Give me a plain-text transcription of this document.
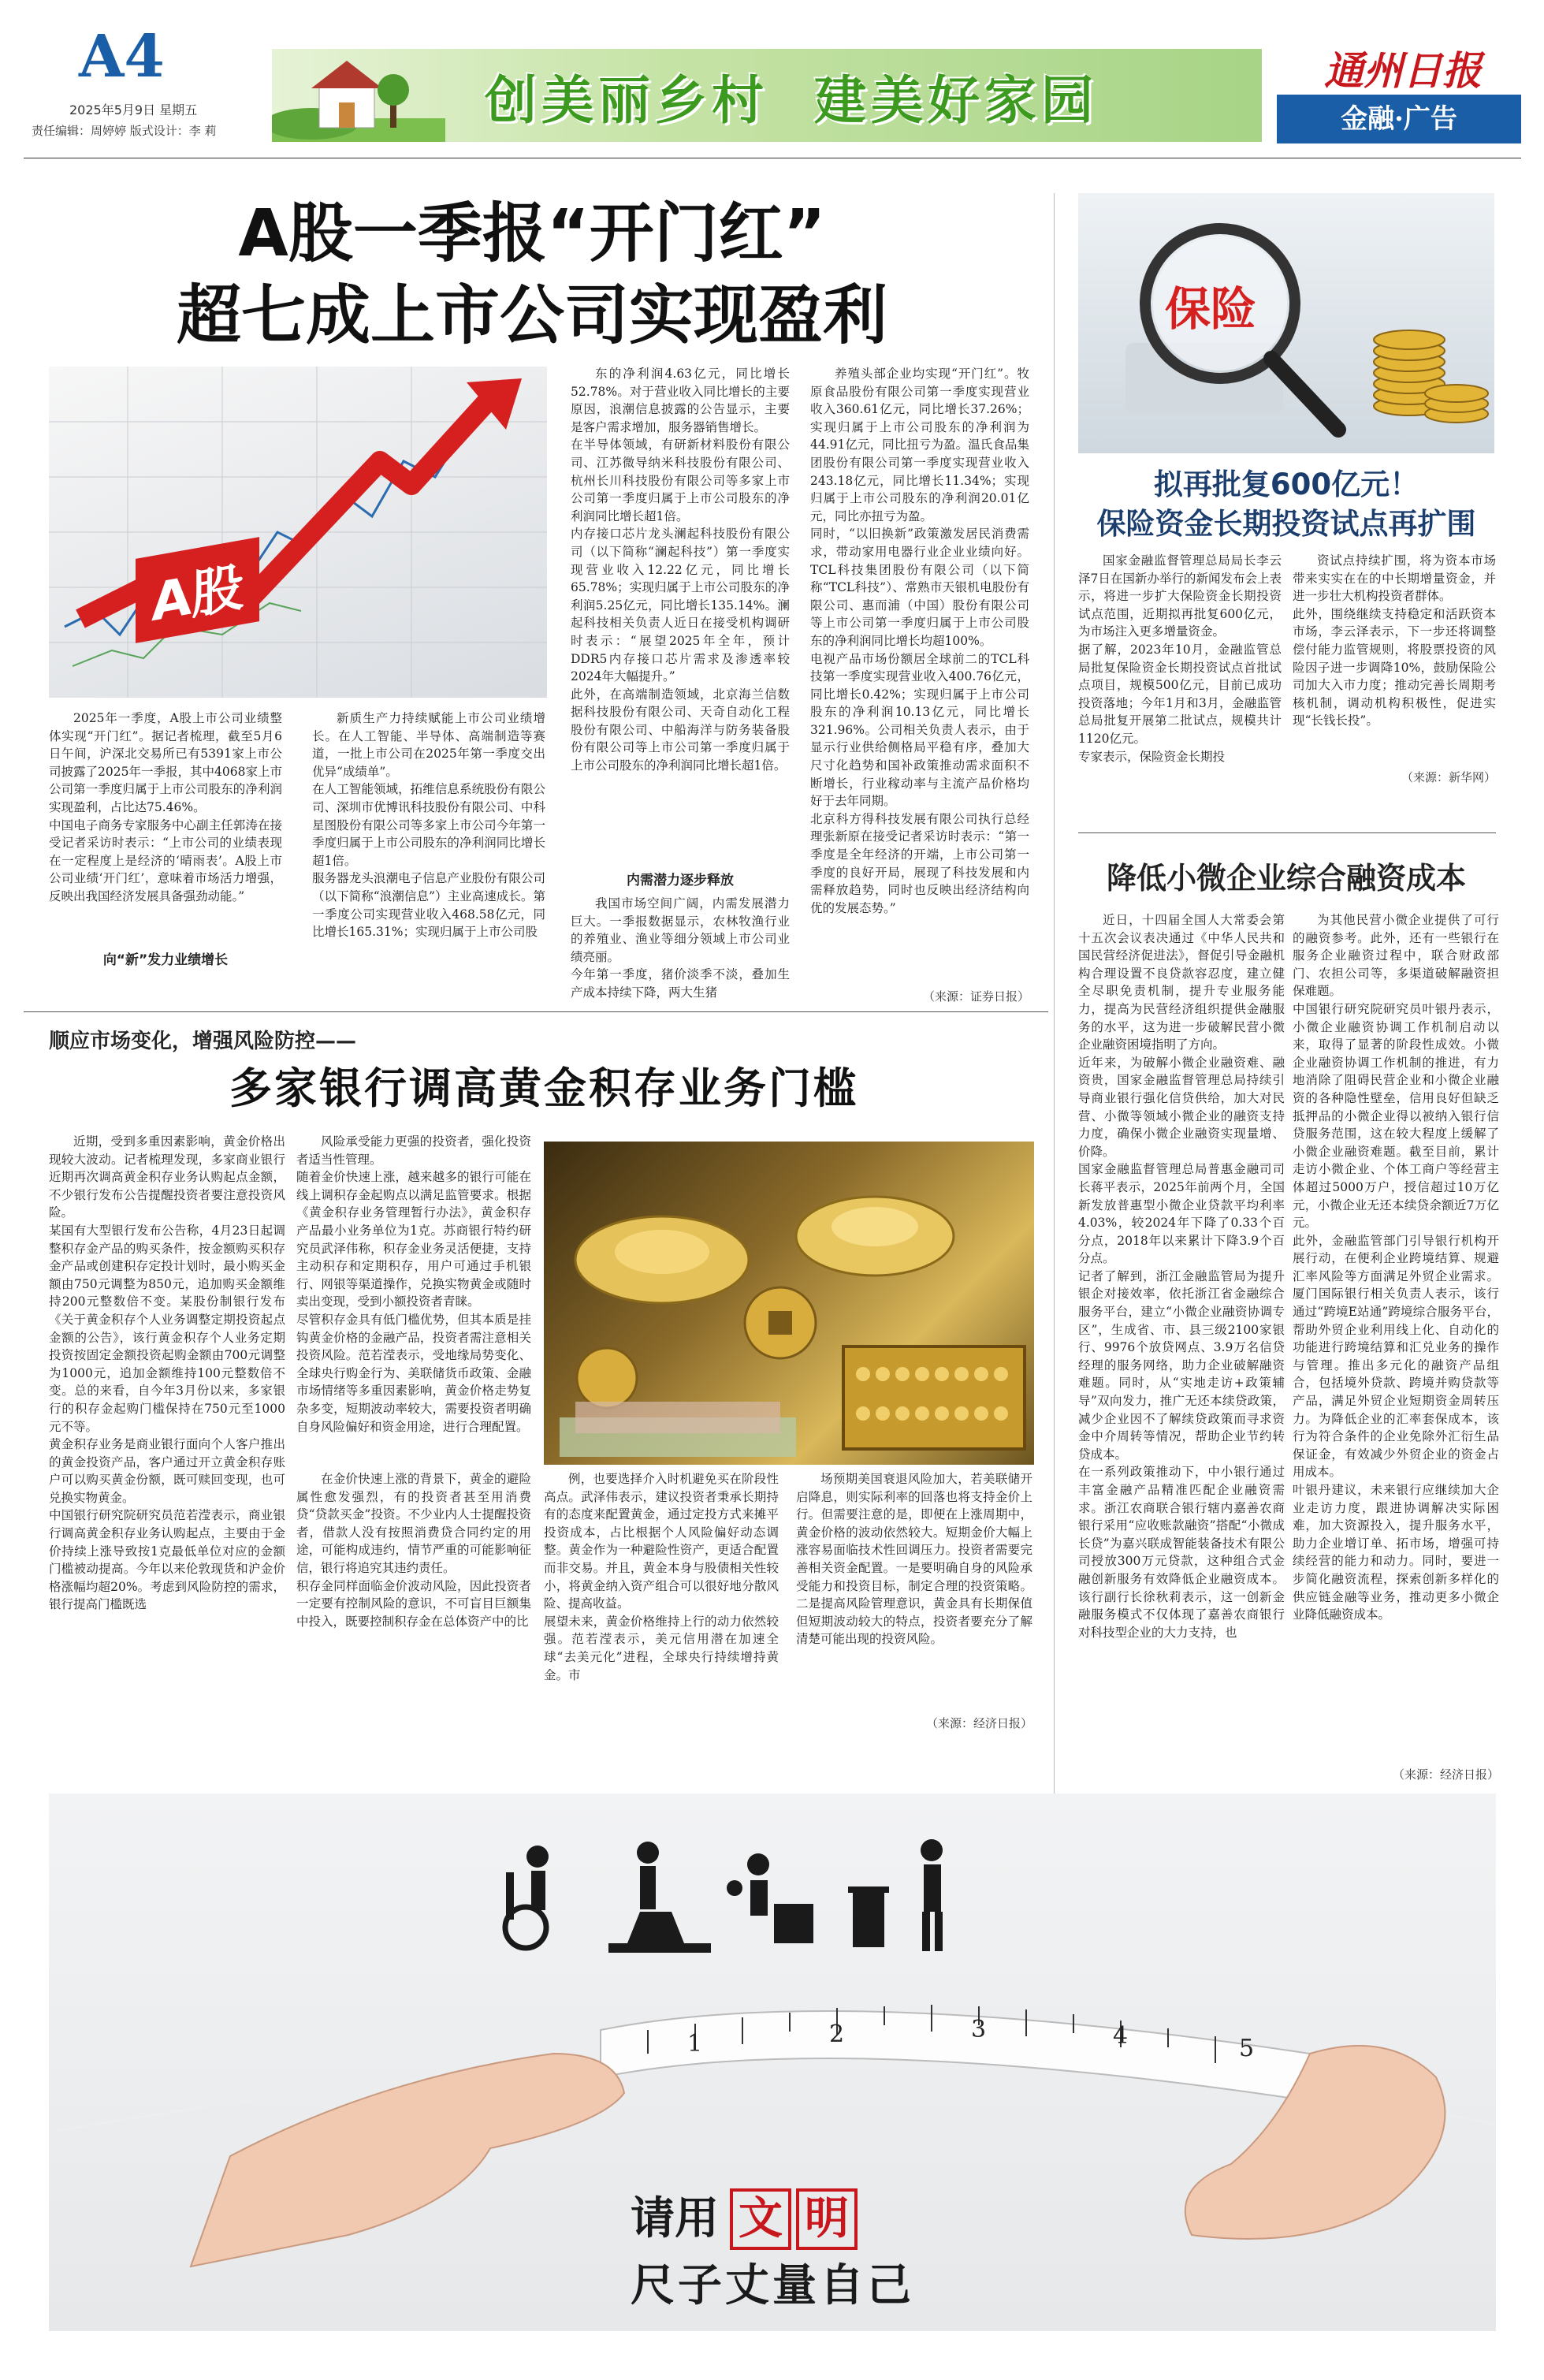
A4
2025年5月9日 星期五
责任编辑：周婷婷 版式设计：李 莉	创美丽乡村  建美好家园	通州日报
金融·广告
A股一季报“开门红”
超七成上市公司实现盈利
A股
2025年一季度，A股上市公司业绩整体实现“开门红”。据记者梳理，截至5月6日午间，沪深北交易所已有5391家上市公司披露了2025年一季报，其中4068家上市公司第一季度归属于上市公司股东的净利润实现盈利，占比达75.46%。
中国电子商务专家服务中心副主任郭涛在接受记者采访时表示：“上市公司的业绩表现在一定程度上是经济的‘晴雨表’。A股上市公司业绩‘开门红’，意味着市场活力增强，反映出我国经济发展具备强劲动能。”
向“新”发力业绩增长
新质生产力持续赋能上市公司业绩增长。在人工智能、半导体、高端制造等赛道，一批上市公司在2025年第一季度交出优异“成绩单”。
在人工智能领域，拓维信息系统股份有限公司、深圳市优博讯科技股份有限公司、中科星图股份有限公司等多家上市公司今年第一季度归属于上市公司股东的净利润同比增长超1倍。
服务器龙头浪潮电子信息产业股份有限公司（以下简称“浪潮信息”）主业高速成长。第一季度公司实现营业收入468.58亿元，同比增长165.31%；实现归属于上市公司股
东的净利润4.63亿元，同比增长52.78%。对于营业收入同比增长的主要原因，浪潮信息披露的公告显示，主要是客户需求增加，服务器销售增长。
在半导体领域，有研新材料股份有限公司、江苏微导纳米科技股份有限公司、杭州长川科技股份有限公司等多家上市公司第一季度归属于上市公司股东的净利润同比增长超1倍。
内存接口芯片龙头澜起科技股份有限公司（以下简称“澜起科技”）第一季度实现营业收入12.22亿元，同比增长65.78%；实现归属于上市公司股东的净利润5.25亿元，同比增长135.14%。澜起科技相关负责人近日在接受机构调研时表示：“展望2025年全年，预计DDR5内存接口芯片需求及渗透率较2024年大幅提升。”
此外，在高端制造领域，北京海兰信数据科技股份有限公司、天奇自动化工程股份有限公司、中船海洋与防务装备股份有限公司等上市公司第一季度归属于上市公司股东的净利润同比增长超1倍。
内需潜力逐步释放
我国市场空间广阔，内需发展潜力巨大。一季报数据显示，农林牧渔行业的养殖业、渔业等细分领域上市公司业绩亮丽。
今年第一季度，猪价淡季不淡，叠加生产成本持续下降，两大生猪
养殖头部企业均实现“开门红”。牧原食品股份有限公司第一季度实现营业收入360.61亿元，同比增长37.26%；实现归属于上市公司股东的净利润为44.91亿元，同比扭亏为盈。温氏食品集团股份有限公司第一季度实现营业收入243.18亿元，同比增长11.34%；实现归属于上市公司股东的净利润20.01亿元，同比亦扭亏为盈。
同时，“以旧换新”政策激发居民消费需求，带动家用电器行业企业业绩向好。TCL科技集团股份有限公司（以下简称“TCL科技”）、常熟市天银机电股份有限公司、惠而浦（中国）股份有限公司等上市公司第一季度归属于上市公司股东的净利润同比增长均超100%。
电视产品市场份额居全球前二的TCL科技第一季度实现营业收入400.76亿元，同比增长0.42%；实现归属于上市公司股东的净利润10.13亿元，同比增长321.96%。公司相关负责人表示，由于显示行业供给侧格局平稳有序，叠加大尺寸化趋势和国补政策推动需求面积不断增长，行业稼动率与主流产品价格均好于去年同期。
北京科方得科技发展有限公司执行总经理张新原在接受记者采访时表示：“第一季度是全年经济的开端，上市公司第一季度的良好开局，展现了科技发展和内需释放趋势，同时也反映出经济结构向优的发展态势。”
（来源：证券日报）
顺应市场变化，增强风险防控——
多家银行调高黄金积存业务门槛
近期，受到多重因素影响，黄金价格出现较大波动。记者梳理发现，多家商业银行近期再次调高黄金积存业务认购起点金额，不少银行发布公告提醒投资者要注意投资风险。
某国有大型银行发布公告称，4月23日起调整积存金产品的购买条件，按金额购买积存金产品或创建积存定投计划时，最小购买金额由750元调整为850元，追加购买金额维持200元整数倍不变。某股份制银行发布《关于黄金积存个人业务调整定期投资起点金额的公告》，该行黄金积存个人业务定期投资按固定金额投资起购金额由700元调整为1000元，追加金额维持100元整数倍不变。总的来看，自今年3月份以来，多家银行的积存金起购门槛保持在750元至1000元不等。
黄金积存业务是商业银行面向个人客户推出的黄金投资产品，客户通过开立黄金积存账户可以购买黄金份额，既可赎回变现，也可兑换实物黄金。
中国银行研究院研究员范若滢表示，商业银行调高黄金积存业务认购起点，主要由于金价持续上涨导致按1克最低单位对应的金额门槛被动提高。今年以来伦敦现货和沪金价格涨幅均超20%。考虑到风险防控的需求，银行提高门槛既选
风险承受能力更强的投资者，强化投资者适当性管理。
随着金价快速上涨，越来越多的银行可能在线上调积存金起购点以满足监管要求。根据《黄金积存业务管理暂行办法》，黄金积存产品最小业务单位为1克。苏商银行特约研究员武泽伟称，积存金业务灵活便捷，支持主动积存和定期积存，用户可通过手机银行、网银等渠道操作，兑换实物黄金或随时卖出变现，受到小额投资者青睐。
尽管积存金具有低门槛优势，但其本质是挂钩黄金价格的金融产品，投资者需注意相关投资风险。范若滢表示，受地缘局势变化、全球央行购金行为、美联储货币政策、金融市场情绪等多重因素影响，黄金价格走势复杂多变，短期波动率较大，需要投资者明确自身风险偏好和资金用途，进行合理配置。
在金价快速上涨的背景下，黄金的避险属性愈发强烈，有的投资者甚至用消费贷“贷款买金”投资。不少业内人士提醒投资者，借款人没有按照消费贷合同约定的用途，可能构成违约，情节严重的可能影响征信，银行将追究其违约责任。
积存金同样面临金价波动风险，因此投资者一定要有控制风险的意识，不可盲目巨额集中投入，既要控制积存金在总体资产中的比
例，也要选择介入时机避免买在阶段性高点。武泽伟表示，建议投资者秉承长期持有的态度来配置黄金，通过定投方式来摊平投资成本，占比根据个人风险偏好动态调整。黄金作为一种避险性资产，更适合配置而非交易。并且，黄金本身与股债相关性较小，将黄金纳入资产组合可以很好地分散风险、提高收益。
展望未来，黄金价格维持上行的动力依然较强。范若滢表示，美元信用潜在加速全球“去美元化”进程，全球央行持续增持黄金。市
场预期美国衰退风险加大，若美联储开启降息，则实际利率的回落也将支持金价上行。但需要注意的是，即便在上涨周期中，黄金价格的波动依然较大。短期金价大幅上涨容易面临技术性回调压力。投资者需要完善相关资金配置。一是要明确自身的风险承受能力和投资目标，制定合理的投资策略。二是提高风险管理意识，黄金具有长期保值但短期波动较大的特点，投资者要充分了解清楚可能出现的投资风险。
（来源：经济日报）
保险
拟再批复600亿元！
保险资金长期投资试点再扩围
国家金融监督管理总局局长李云泽7日在国新办举行的新闻发布会上表示，将进一步扩大保险资金长期投资试点范围，近期拟再批复600亿元，为市场注入更多增量资金。
据了解，2023年10月，金融监管总局批复保险资金长期投资试点首批试点项目，规模500亿元，目前已成功投资落地；今年1月和3月，金融监管总局批复开展第二批试点，规模共计1120亿元。
专家表示，保险资金长期投
资试点持续扩围，将为资本市场带来实实在在的中长期增量资金，并进一步壮大机构投资者群体。
此外，围绕继续支持稳定和活跃资本市场，李云泽表示，下一步还将调整偿付能力监管规则，将股票投资的风险因子进一步调降10%，鼓励保险公司加大入市力度；推动完善长周期考核机制，调动机构积极性，促进实现“长钱长投”。
（来源：新华网）
降低小微企业综合融资成本
近日，十四届全国人大常委会第十五次会议表决通过《中华人民共和国民营经济促进法》，督促引导金融机构合理设置不良贷款容忍度，建立健全尽职免责机制，提升专业服务能力，提高为民营经济组织提供金融服务的水平，这为进一步破解民营小微企业融资困境指明了方向。
近年来，为破解小微企业融资难、融资贵，国家金融监督管理总局持续引导商业银行强化信贷供给，加大对民营、小微等领域小微企业的融资支持力度，确保小微企业融资实现量增、价降。
国家金融监督管理总局普惠金融司司长蒋平表示，2025年前两个月，全国新发放普惠型小微企业贷款平均利率4.03%，较2024年下降了0.33个百分点，2018年以来累计下降3.9个百分点。
记者了解到，浙江金融监管局为提升银企对接效率，依托浙江省金融综合服务平台，建立“小微企业融资协调专区”，生成省、市、县三级2100家银行、9976个放贷网点、3.9万名信贷经理的服务网络，助力企业破解融资难题。同时，从“实地走访+政策辅导”双向发力，推广无还本续贷政策，减少企业因不了解续贷政策而寻求资金中介周转等情况，帮助企业节约转贷成本。
在一系列政策推动下，中小银行通过丰富金融产品精准匹配企业融资需求。浙江农商联合银行辖内嘉善农商银行采用“应收账款融资”搭配“小微成长贷”为嘉兴联成智能装备技术有限公司授放300万元贷款，这种组合式金融创新服务有效降低企业融资成本。该行副行长徐秋莉表示，这一创新金融服务模式不仅体现了嘉善农商银行对科技型企业的大力支持，也
为其他民营小微企业提供了可行的融资参考。此外，还有一些银行在服务企业融资过程中，联合财政部门、农担公司等，多渠道破解融资担保难题。
中国银行研究院研究员叶银丹表示，小微企业融资协调工作机制启动以来，取得了显著的阶段性成效。小微企业融资协调工作机制的推进，有力地消除了阻碍民营企业和小微企业融资的各种隐性壁垒，信用良好但缺乏抵押品的小微企业得以被纳入银行信贷服务范围，这在较大程度上缓解了小微企业融资难题。截至目前，累计走访小微企业、个体工商户等经营主体超过5000万户，授信超过10万亿元，小微企业无还本续贷余额近7万亿元。
此外，金融监管部门引导银行机构开展行动，在便利企业跨境结算、规避汇率风险等方面满足外贸企业需求。厦门国际银行相关负责人表示，该行通过“跨境E站通”跨境综合服务平台，帮助外贸企业利用线上化、自动化的功能进行跨境结算和汇兑业务的操作与管理。推出多元化的融资产品组合，包括境外贷款、跨境并购贷款等产品，满足外贸企业短期资金周转压力。为降低企业的汇率套保成本，该行为符合条件的企业免除外汇衍生品保证金，有效减少外贸企业的资金占用成本。
叶银丹建议，未来银行应继续加大企业走访力度，跟进协调解决实际困难，加大资源投入，提升服务水平，助力企业增订单、拓市场，增强可持续经营的能力和动力。同时，要进一步简化融资流程，探索创新多样化的供应链金融等业务，推动更多小微企业降低融资成本。
（来源：经济日报）
1	2	3	4	5
请用 文 明
尺子丈量自己
